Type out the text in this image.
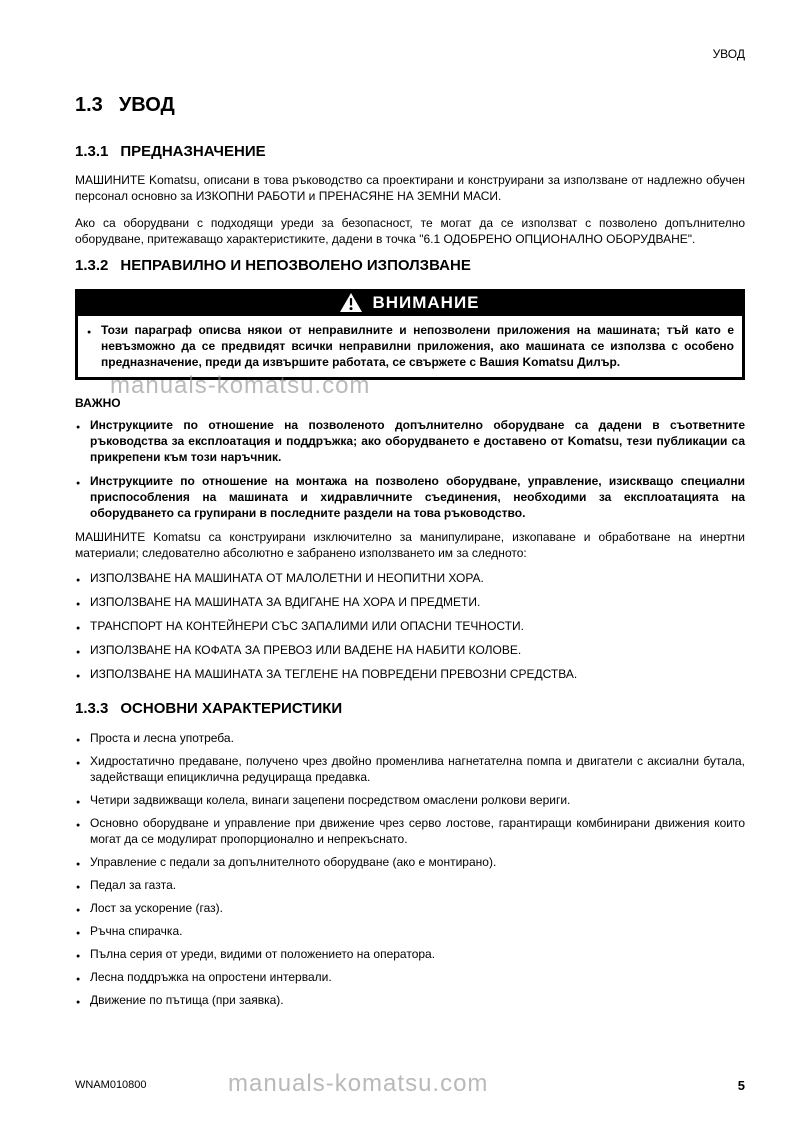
УВОД
manuals-komatsu.com
manuals-komatsu.com
1.3 УВОД
1.3.1 ПРЕДНАЗНАЧЕНИЕ

МАШИНИТЕ Komatsu, описани в това ръководство са проектирани и конструирани за използване от надлежно обучен персонал основно за ИЗКОПНИ РАБОТИ и ПРЕНАСЯНЕ НА ЗЕМНИ МАСИ.

Ако са оборудвани с подходящи уреди за безопасност, те могат да се използват с позволено допълнително оборудване, притежаващо характеристиките, дадени в точка "6.1 ОДОБРЕНО ОПЦИОНАЛНО ОБОРУДВАНЕ".

1.3.2 НЕПРАВИЛНО И НЕПОЗВОЛЕНО ИЗПОЛЗВАНЕ
ВНИМАНИЕ
● Този параграф описва някои от неправилните и непозволени приложения на машината; тъй като е невъзможно да се предвидят всички неправилни приложения, ако машината се използва с особено предназначение, преди да извършите работата, се свържете с Вашия Komatsu Дилър.

ВАЖНО

● Инструкциите по отношение на позволеното допълнително оборудване са дадени в съответните ръководства за експлоатация и поддръжка; ако оборудването е доставено от Komatsu, тези публикации са прикрепени към този наръчник.
● Инструкциите по отношение на монтажа на позволено оборудване, управление, изискващо специални приспособления на машината и хидравличните съединения, необходими за експлоатацията на оборудването са групирани в последните раздели на това ръководство.

МАШИНИТЕ Komatsu са конструирани изключително за манипулиране, изкопаване и обработване на инертни материали; следователно абсолютно е забранено използването им за следното:

● ИЗПОЛЗВАНЕ НА МАШИНАТА ОТ МАЛОЛЕТНИ И НЕОПИТНИ ХОРА.
● ИЗПОЛЗВАНЕ НА МАШИНАТА ЗА ВДИГАНЕ НА ХОРА И ПРЕДМЕТИ.
● ТРАНСПОРТ НА КОНТЕЙНЕРИ СЪС ЗАПАЛИМИ ИЛИ ОПАСНИ ТЕЧНОСТИ.
● ИЗПОЛЗВАНЕ НА КОФАТА ЗА ПРЕВОЗ ИЛИ ВАДЕНЕ НА НАБИТИ КОЛОВЕ.
● ИЗПОЛЗВАНЕ НА МАШИНАТА ЗА ТЕГЛЕНЕ НА ПОВРЕДЕНИ ПРЕВОЗНИ СРЕДСТВА.
1.3.3 ОСНОВНИ ХАРАКТЕРИСТИКИ
● Проста и лесна употреба.
● Хидростатично предаване, получено чрез двойно променлива нагнетателна помпа и двигатели с аксиални бутала, задействащи епициклична редуцираща предавка.
● Четири задвижващи колела, винаги зацепени посредством омаслени ролкови вериги.
● Основно оборудване и управление при движение чрез серво лостове, гарантиращи комбинирани движения които могат да се модулират пропорционално и непрекъснато.
● Управление с педали за допълнителното оборудване (ако е монтирано).
● Педал за газта.
● Лост за ускорение (газ).
● Ръчна спирачка.
● Пълна серия от уреди, видими от положението на оператора.
● Лесна поддръжка на опростени интервали.
● Движение по пътища (при заявка).
WNAM010800	5
